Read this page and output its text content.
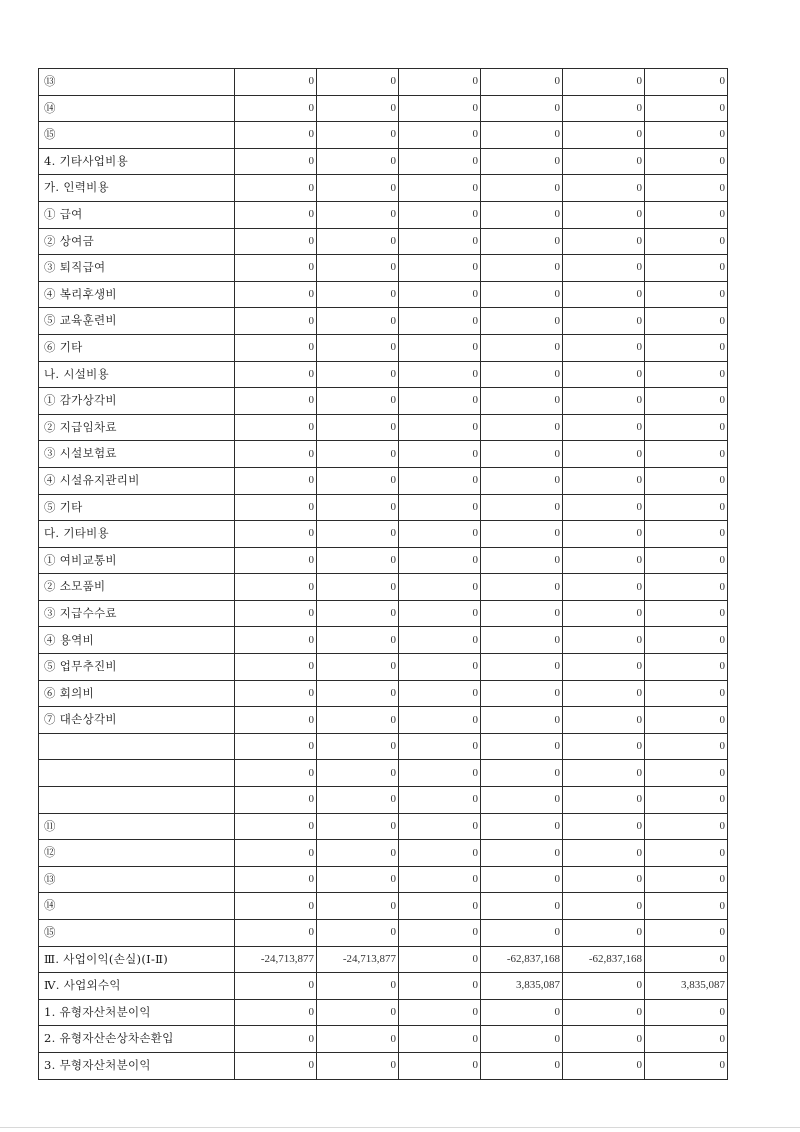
⑬	0	0	0	0	0	0
⑭	0	0	0	0	0	0
⑮	0	0	0	0	0	0
4. 기타사업비용	0	0	0	0	0	0
가. 인력비용	0	0	0	0	0	0
① 급여	0	0	0	0	0	0
② 상여금	0	0	0	0	0	0
③ 퇴직급여	0	0	0	0	0	0
④ 복리후생비	0	0	0	0	0	0
⑤ 교육훈련비	0	0	0	0	0	0
⑥ 기타	0	0	0	0	0	0
나. 시설비용	0	0	0	0	0	0
① 감가상각비	0	0	0	0	0	0
② 지급임차료	0	0	0	0	0	0
③ 시설보험료	0	0	0	0	0	0
④ 시설유지관리비	0	0	0	0	0	0
⑤ 기타	0	0	0	0	0	0
다. 기타비용	0	0	0	0	0	0
① 여비교통비	0	0	0	0	0	0
② 소모품비	0	0	0	0	0	0
③ 지급수수료	0	0	0	0	0	0
④ 용역비	0	0	0	0	0	0
⑤ 업무추진비	0	0	0	0	0	0
⑥ 회의비	0	0	0	0	0	0
⑦ 대손상각비	0	0	0	0	0	0
	0	0	0	0	0	0
	0	0	0	0	0	0
	0	0	0	0	0	0
⑪	0	0	0	0	0	0
⑫	0	0	0	0	0	0
⑬	0	0	0	0	0	0
⑭	0	0	0	0	0	0
⑮	0	0	0	0	0	0
Ⅲ. 사업이익(손실)(Ⅰ-Ⅱ)	-24,713,877	-24,713,877	0	-62,837,168	-62,837,168	0
Ⅳ. 사업외수익	0	0	0	3,835,087	0	3,835,087
1. 유형자산처분이익	0	0	0	0	0	0
2. 유형자산손상차손환입	0	0	0	0	0	0
3. 무형자산처분이익	0	0	0	0	0	0
